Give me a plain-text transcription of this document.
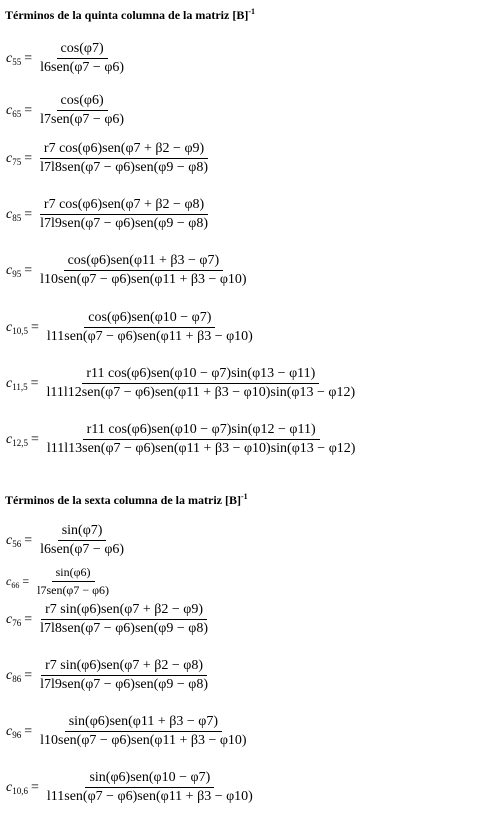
Términos de la quinta columna de la matriz $[B]^{-1}$
$c_{55} = \frac{\cos(\varphi 7)}{\text{l6sen(φ7 − φ6)}}$
$c_{65} = \frac{\cos(\varphi 6)}{\text{l7sen(φ7 − φ6)}}$
$c_{75} = \frac{\text{r7 cos(φ6)sen(φ7 + β2 − φ9)}}{\text{l7l8sen(φ7 − φ6)sen(φ9 − φ8)}}$
$c_{85} = \frac{\text{r7 cos(φ6)sen(φ7 + β2 − φ8)}}{\text{l7l9sen(φ7 − φ6)sen(φ9 − φ8)}}$
$c_{95} = \frac{\text{cos(φ6)sen(φ11 + β3 − φ7)}}{\text{l10sen(φ7 − φ6)sen(φ11 + β3 − φ10)}}$
$c_{10,5} = \frac{\text{cos(φ6)sen(φ10 − φ7)}}{\text{l11sen(φ7 − φ6)sen(φ11 + β3 − φ10)}}$
$c_{11,5} = \frac{\text{r11 cos(φ6)sen(φ10 − φ7)sin(φ13 − φ11)}}{\text{l11l12sen(φ7 − φ6)sen(φ11 + β3 − φ10)sin(φ13 − φ12)}}$
$c_{12,5} = \frac{\text{r11 cos(φ6)sen(φ10 − φ7)sin(φ12 − φ11)}}{\text{l11l13sen(φ7 − φ6)sen(φ11 + β3 − φ10)sin(φ13 − φ12)}}$
Términos de la sexta columna de la matriz $[B]^{-1}$
$c_{56} = \frac{\sin(\varphi 7)}{\text{l6sen(φ7 − φ6)}}$
$c_{66} = \frac{\sin(\varphi 6)}{\text{l7sen(φ7 − φ6)}}$
$c_{76} = \frac{\text{r7 sin(φ6)sen(φ7 + β2 − φ9)}}{\text{l7l8sen(φ7 − φ6)sen(φ9 − φ8)}}$
$c_{86} = \frac{\text{r7 sin(φ6)sen(φ7 + β2 − φ8)}}{\text{l7l9sen(φ7 − φ6)sen(φ9 − φ8)}}$
$c_{96} = \frac{\text{sin(φ6)sen(φ11 + β3 − φ7)}}{\text{l10sen(φ7 − φ6)sen(φ11 + β3 − φ10)}}$
$c_{10,6} = \frac{\text{sin(φ6)sen(φ10 − φ7)}}{\text{l11sen(φ7 − φ6)sen(φ11 + β3 − φ10)}}$
